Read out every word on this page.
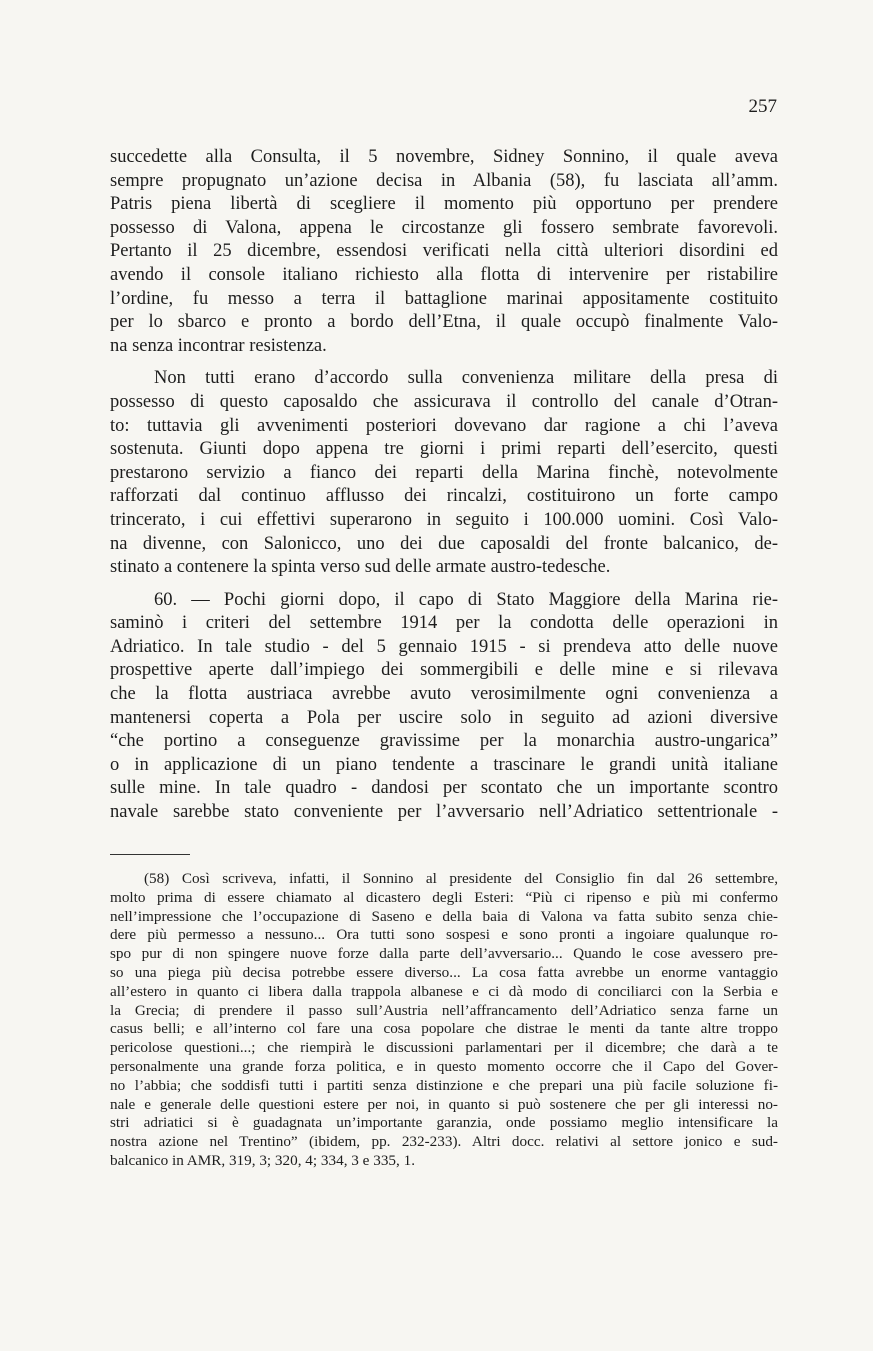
257
succedette alla Consulta, il 5 novembre, Sidney Sonnino, il quale aveva
sempre propugnato un’azione decisa in Albania (58), fu lasciata all’amm.
Patris piena libertà di scegliere il momento più opportuno per prendere
possesso di Valona, appena le circostanze gli fossero sembrate favorevoli.
Pertanto il 25 dicembre, essendosi verificati nella città ulteriori disordini ed
avendo il console italiano richiesto alla flotta di intervenire per ristabilire
l’ordine, fu messo a terra il battaglione marinai appositamente costituito
per lo sbarco e pronto a bordo dell’Etna, il quale occupò finalmente Valo-
na senza incontrar resistenza.
Non tutti erano d’accordo sulla convenienza militare della presa di
possesso di questo caposaldo che assicurava il controllo del canale d’Otran-
to: tuttavia gli avvenimenti posteriori dovevano dar ragione a chi l’aveva
sostenuta. Giunti dopo appena tre giorni i primi reparti dell’esercito, questi
prestarono servizio a fianco dei reparti della Marina finchè, notevolmente
rafforzati dal continuo afflusso dei rincalzi, costituirono un forte campo
trincerato, i cui effettivi superarono in seguito i 100.000 uomini. Così Valo-
na divenne, con Salonicco, uno dei due caposaldi del fronte balcanico, de-
stinato a contenere la spinta verso sud delle armate austro-tedesche.
60. — Pochi giorni dopo, il capo di Stato Maggiore della Marina rie-
saminò i criteri del settembre 1914 per la condotta delle operazioni in
Adriatico. In tale studio - del 5 gennaio 1915 - si prendeva atto delle nuove
prospettive aperte dall’impiego dei sommergibili e delle mine e si rilevava
che la flotta austriaca avrebbe avuto verosimilmente ogni convenienza a
mantenersi coperta a Pola per uscire solo in seguito ad azioni diversive
“che portino a conseguenze gravissime per la monarchia austro-ungarica”
o in applicazione di un piano tendente a trascinare le grandi unità italiane
sulle mine. In tale quadro - dandosi per scontato che un importante scontro
navale sarebbe stato conveniente per l’avversario nell’Adriatico settentrionale -
(58) Così scriveva, infatti, il Sonnino al presidente del Consiglio fin dal 26 settembre,
molto prima di essere chiamato al dicastero degli Esteri: “Più ci ripenso e più mi confermo
nell’impressione che l’occupazione di Saseno e della baia di Valona va fatta subito senza chie-
dere più permesso a nessuno... Ora tutti sono sospesi e sono pronti a ingoiare qualunque ro-
spo pur di non spingere nuove forze dalla parte dell’avversario... Quando le cose avessero pre-
so una piega più decisa potrebbe essere diverso... La cosa fatta avrebbe un enorme vantaggio
all’estero in quanto ci libera dalla trappola albanese e ci dà modo di conciliarci con la Serbia e
la Grecia; di prendere il passo sull’Austria nell’affrancamento dell’Adriatico senza farne un
casus belli; e all’interno col fare una cosa popolare che distrae le menti da tante altre troppo
pericolose questioni...; che riempirà le discussioni parlamentari per il dicembre; che darà a te
personalmente una grande forza politica, e in questo momento occorre che il Capo del Gover-
no l’abbia; che soddisfi tutti i partiti senza distinzione e che prepari una più facile soluzione fi-
nale e generale delle questioni estere per noi, in quanto si può sostenere che per gli interessi no-
stri adriatici si è guadagnata un’importante garanzia, onde possiamo meglio intensificare la
nostra azione nel Trentino” (ibidem, pp. 232-233). Altri docc. relativi al settore jonico e sud-
balcanico in AMR, 319, 3; 320, 4; 334, 3 e 335, 1.
